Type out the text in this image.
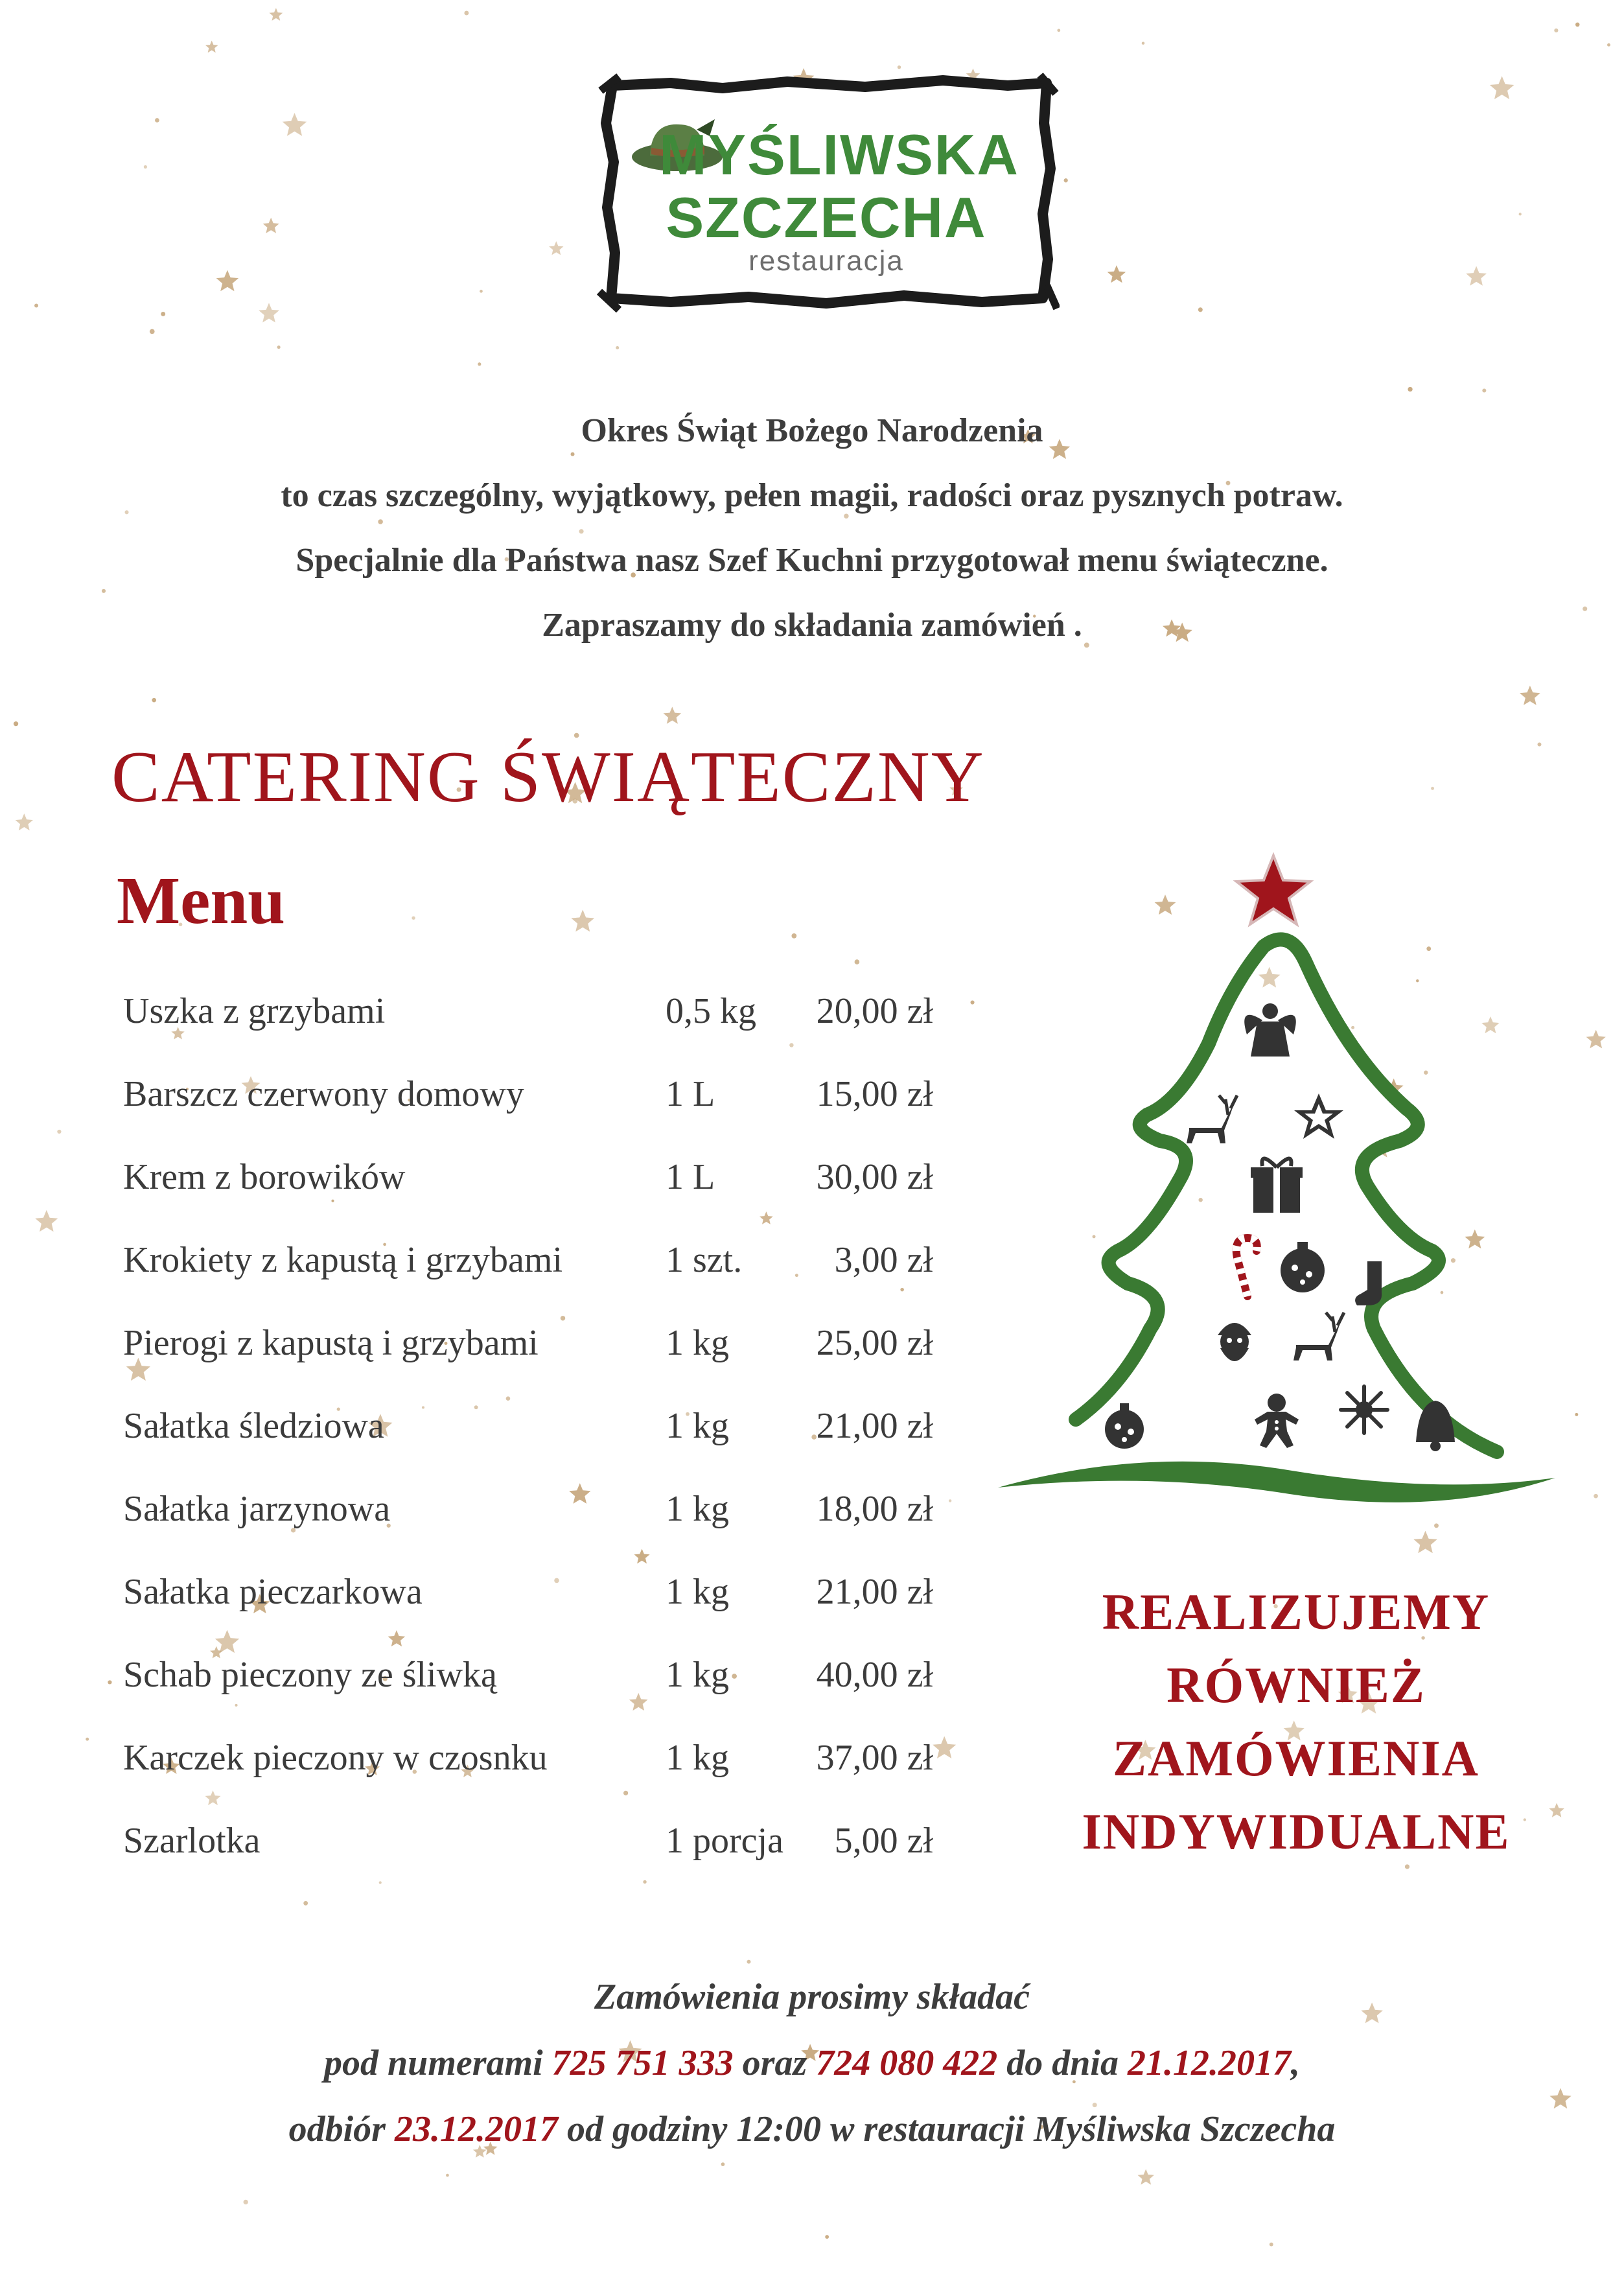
MYŚLIWSKA
SZCZECHA
restauracja
Okres Świąt Bożego Narodzenia
to czas szczególny, wyjątkowy, pełen magii, radości oraz pysznych potraw.
Specjalnie dla Państwa nasz Szef Kuchni przygotował menu świąteczne.
Zapraszamy do składania zamówień .
CATERING ŚWIĄTECZNY
Menu
Uszka z grzybami	0,5 kg 20,00 zł
Barszcz czerwony domowy	1 L	15,00 zł
Krem z borowików	1 L	30,00 zł
Krokiety z kapustą i grzybami	1 szt.	3,00 zł
Pierogi z kapustą i grzybami	1 kg 25,00 zł
Sałatka śledziowa	1 kg 21,00 zł
Sałatka jarzynowa	1 kg 18,00 zł
Sałatka pieczarkowa	1 kg 21,00 zł
Schab pieczony ze śliwką	1 kg 40,00 zł
Karczek pieczony w czosnku	1 kg 37,00 zł
Szarlotka	1 porcja 5,00 zł
REALIZUJEMY
RÓWNIEŻ
ZAMÓWIENIA
INDYWIDUALNE
Zamówienia prosimy składać
pod numerami 725 751 333 oraz 724 080 422 do dnia 21.12.2017,
odbiór 23.12.2017 od godziny 12:00 w restauracji Myśliwska Szczecha
